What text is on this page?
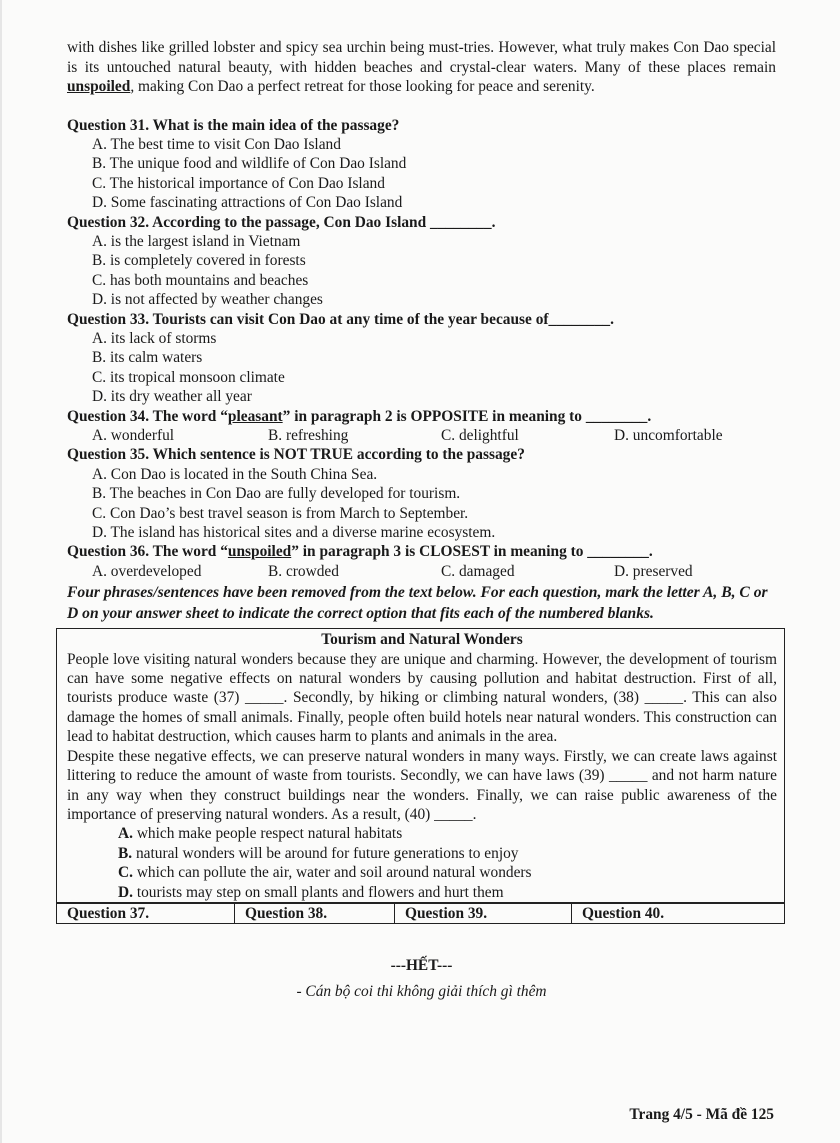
with dishes like grilled lobster and spicy sea urchin being must-tries. However, what truly makes Con Dao special is its untouched natural beauty, with hidden beaches and crystal-clear waters. Many of these places remain unspoiled, making Con Dao a perfect retreat for those looking for peace and serenity.

Question 31. What is the main idea of the passage?
A. The best time to visit Con Dao Island
B. The unique food and wildlife of Con Dao Island
C. The historical importance of Con Dao Island
D. Some fascinating attractions of Con Dao Island
Question 32. According to the passage, Con Dao Island ________.
A. is the largest island in Vietnam
B. is completely covered in forests
C. has both mountains and beaches
D. is not affected by weather changes
Question 33. Tourists can visit Con Dao at any time of the year because of________.
A. its lack of storms
B. its calm waters
C. its tropical monsoon climate
D. its dry weather all year
Question 34. The word “pleasant” in paragraph 2 is OPPOSITE in meaning to ________.
A. wonderful	B. refreshing	C. delightful	D. uncomfortable
Question 35. Which sentence is NOT TRUE according to the passage?
A. Con Dao is located in the South China Sea.
B. The beaches in Con Dao are fully developed for tourism.
C. Con Dao’s best travel season is from March to September.
D. The island has historical sites and a diverse marine ecosystem.
Question 36. The word “unspoiled” in paragraph 3 is CLOSEST in meaning to ________.
A. overdeveloped	B. crowded	C. damaged	D. preserved

Four phrases/sentences have been removed from the text below. For each question, mark the letter A, B, C or D on your answer sheet to indicate the correct option that fits each of the numbered blanks.

Tourism and Natural Wonders

People love visiting natural wonders because they are unique and charming. However, the development of tourism can have some negative effects on natural wonders by causing pollution and habitat destruction. First of all, tourists produce waste (37) _____. Secondly, by hiking or climbing natural wonders, (38) _____. This can also damage the homes of small animals. Finally, people often build hotels near natural wonders. This construction can lead to habitat destruction, which causes harm to plants and animals in the area.

Despite these negative effects, we can preserve natural wonders in many ways. Firstly, we can create laws against littering to reduce the amount of waste from tourists. Secondly, we can have laws (39) _____ and not harm nature in any way when they construct buildings near the wonders. Finally, we can raise public awareness of the importance of preserving natural wonders. As a result, (40) _____.

A. which make people respect natural habitats
B. natural wonders will be around for future generations to enjoy
C. which can pollute the air, water and soil around natural wonders
D. tourists may step on small plants and flowers and hurt them
Question 37.	Question 38.	Question 39.	Question 40.
---HẾT---
- Cán bộ coi thi không giải thích gì thêm
Trang 4/5 - Mã đề 125
